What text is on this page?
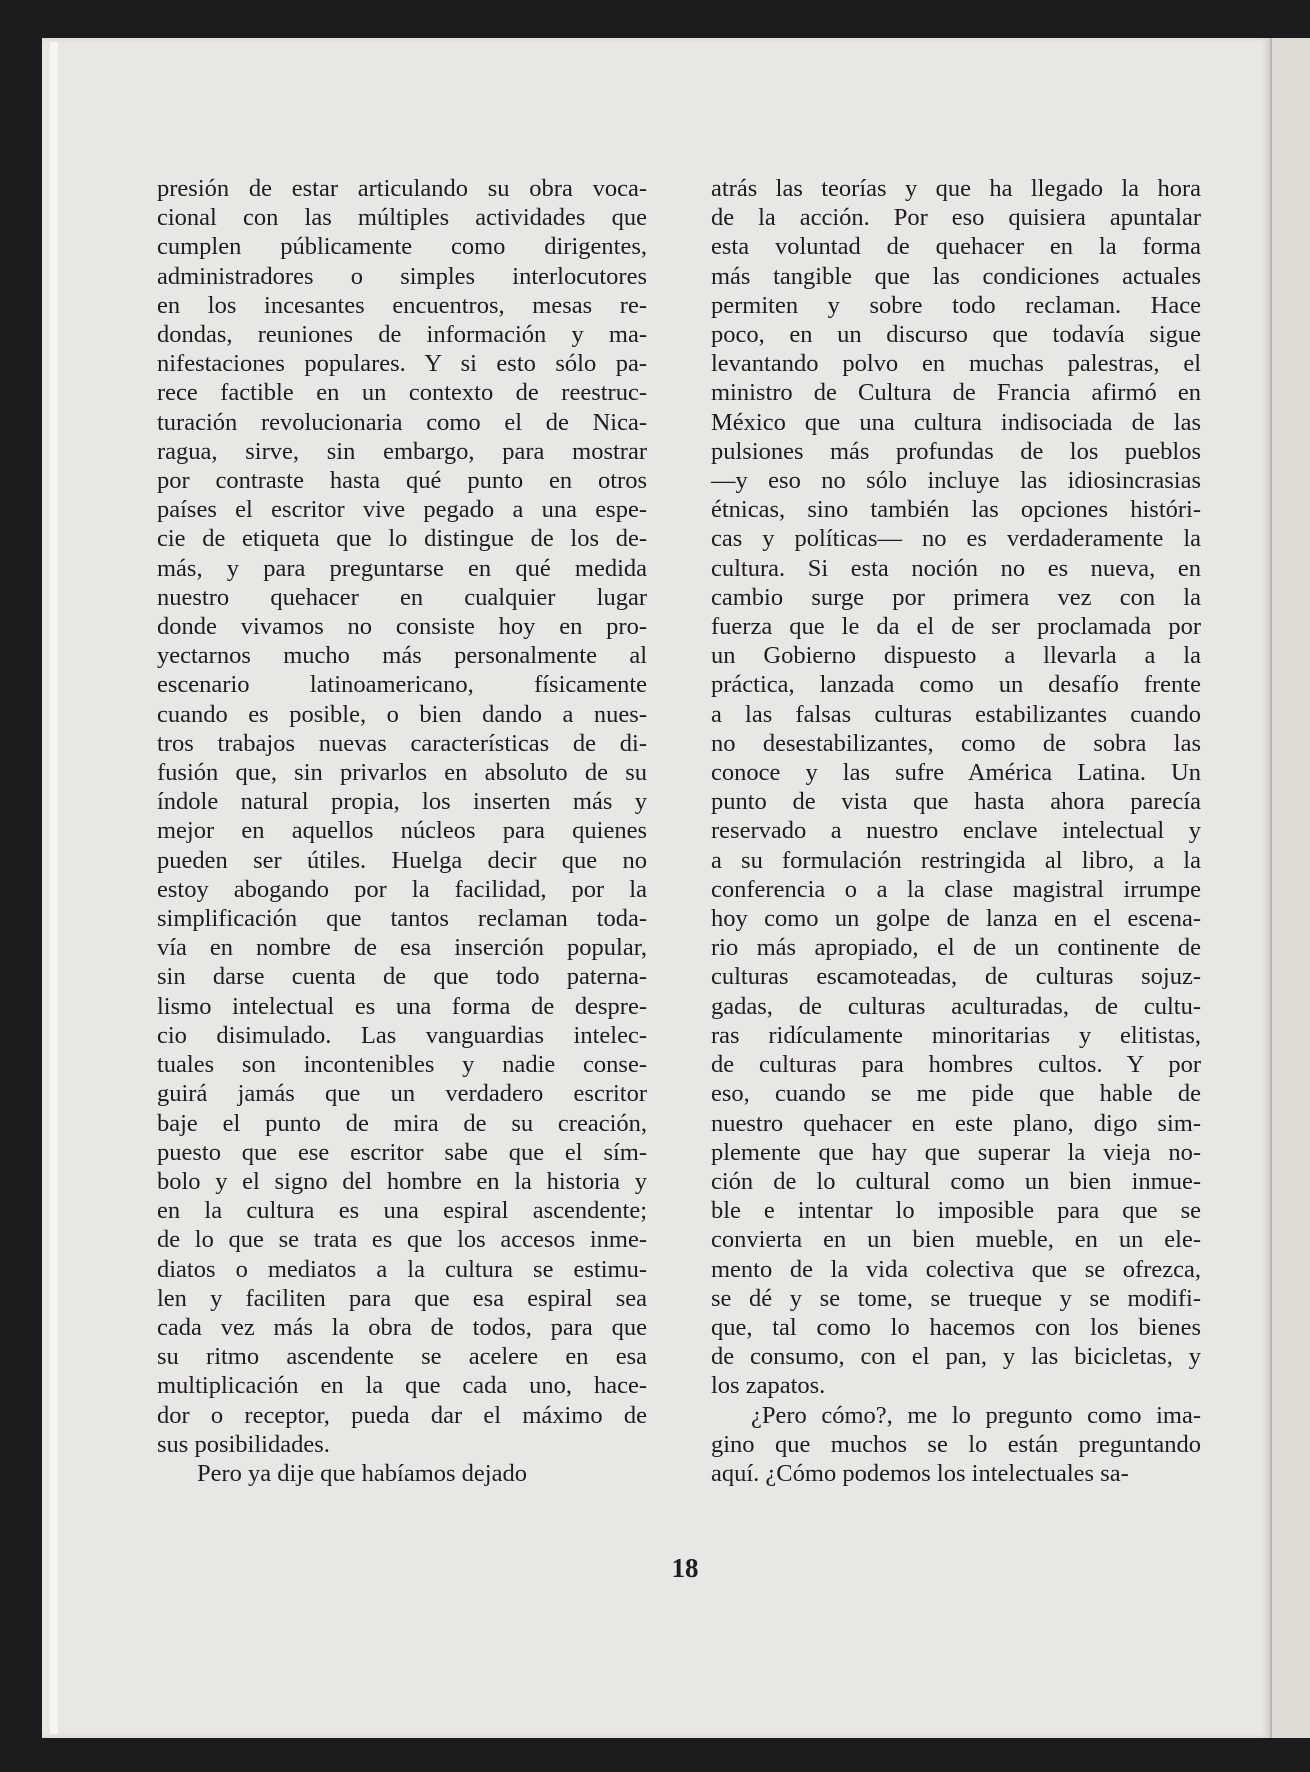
presión de estar articulando su obra voca-
cional con las múltiples actividades que
cumplen públicamente como dirigentes,
administradores o simples interlocutores
en los incesantes encuentros, mesas re-
dondas, reuniones de información y ma-
nifestaciones populares. Y si esto sólo pa-
rece factible en un contexto de reestruc-
turación revolucionaria como el de Nica-
ragua, sirve, sin embargo, para mostrar
por contraste hasta qué punto en otros
países el escritor vive pegado a una espe-
cie de etiqueta que lo distingue de los de-
más, y para preguntarse en qué medida
nuestro quehacer en cualquier lugar
donde vivamos no consiste hoy en pro-
yectarnos mucho más personalmente al
escenario latinoamericano, físicamente
cuando es posible, o bien dando a nues-
tros trabajos nuevas características de di-
fusión que, sin privarlos en absoluto de su
índole natural propia, los inserten más y
mejor en aquellos núcleos para quienes
pueden ser útiles. Huelga decir que no
estoy abogando por la facilidad, por la
simplificación que tantos reclaman toda-
vía en nombre de esa inserción popular,
sin darse cuenta de que todo paterna-
lismo intelectual es una forma de despre-
cio disimulado. Las vanguardias intelec-
tuales son incontenibles y nadie conse-
guirá jamás que un verdadero escritor
baje el punto de mira de su creación,
puesto que ese escritor sabe que el sím-
bolo y el signo del hombre en la historia y
en la cultura es una espiral ascendente;
de lo que se trata es que los accesos inme-
diatos o mediatos a la cultura se estimu-
len y faciliten para que esa espiral sea
cada vez más la obra de todos, para que
su ritmo ascendente se acelere en esa
multiplicación en la que cada uno, hace-
dor o receptor, pueda dar el máximo de
sus posibilidades.
Pero ya dije que habíamos dejado
atrás las teorías y que ha llegado la hora
de la acción. Por eso quisiera apuntalar
esta voluntad de quehacer en la forma
más tangible que las condiciones actuales
permiten y sobre todo reclaman. Hace
poco, en un discurso que todavía sigue
levantando polvo en muchas palestras, el
ministro de Cultura de Francia afirmó en
México que una cultura indisociada de las
pulsiones más profundas de los pueblos
—y eso no sólo incluye las idiosincrasias
étnicas, sino también las opciones históri-
cas y políticas— no es verdaderamente la
cultura. Si esta noción no es nueva, en
cambio surge por primera vez con la
fuerza que le da el de ser proclamada por
un Gobierno dispuesto a llevarla a la
práctica, lanzada como un desafío frente
a las falsas culturas estabilizantes cuando
no desestabilizantes, como de sobra las
conoce y las sufre América Latina. Un
punto de vista que hasta ahora parecía
reservado a nuestro enclave intelectual y
a su formulación restringida al libro, a la
conferencia o a la clase magistral irrumpe
hoy como un golpe de lanza en el escena-
rio más apropiado, el de un continente de
culturas escamoteadas, de culturas sojuz-
gadas, de culturas aculturadas, de cultu-
ras ridículamente minoritarias y elitistas,
de culturas para hombres cultos. Y por
eso, cuando se me pide que hable de
nuestro quehacer en este plano, digo sim-
plemente que hay que superar la vieja no-
ción de lo cultural como un bien inmue-
ble e intentar lo imposible para que se
convierta en un bien mueble, en un ele-
mento de la vida colectiva que se ofrezca,
se dé y se tome, se trueque y se modifi-
que, tal como lo hacemos con los bienes
de consumo, con el pan, y las bicicletas, y
los zapatos.
¿Pero cómo?, me lo pregunto como ima-
gino que muchos se lo están preguntando
aquí. ¿Cómo podemos los intelectuales sa-
18
